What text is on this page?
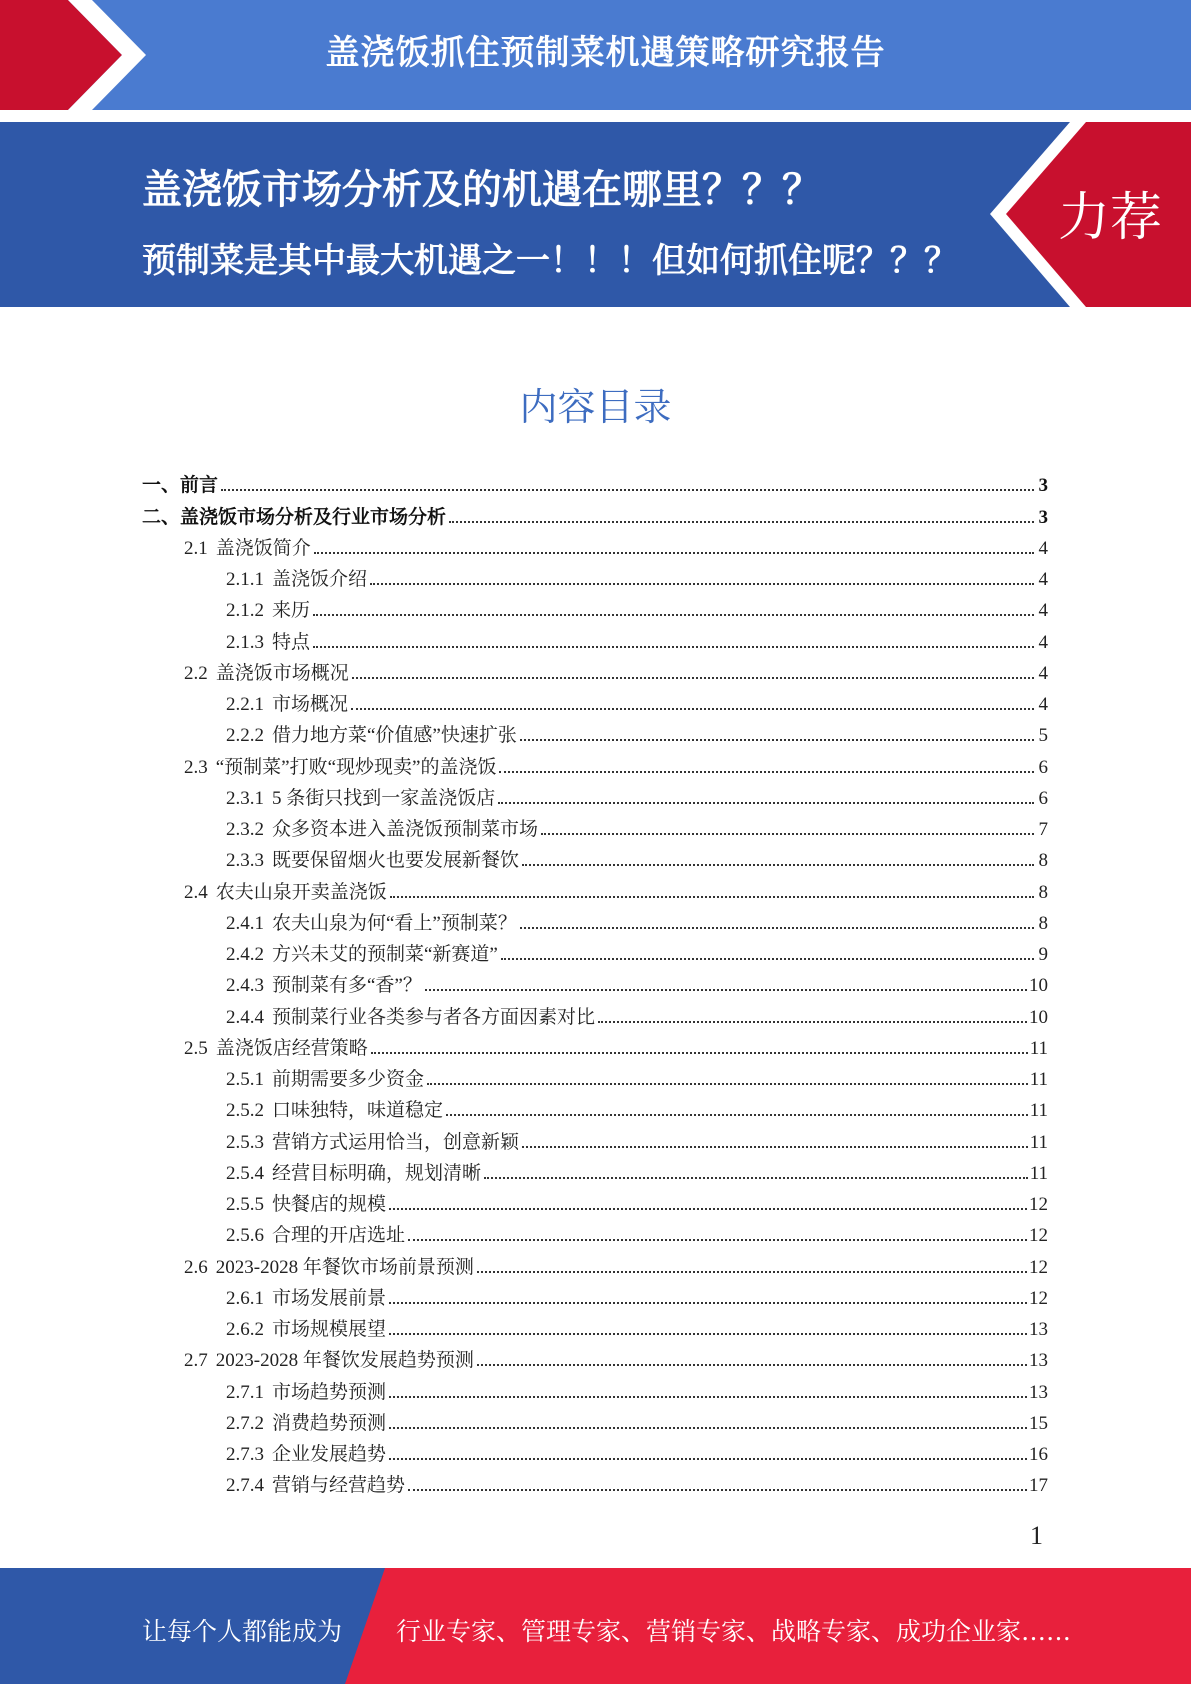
盖浇饭抓住预制菜机遇策略研究报告
盖浇饭市场分析及的机遇在哪里？？？
预制菜是其中最大机遇之一！！！但如何抓住呢？？？
力荐
内容目录
一、 前言	3
二、 盖浇饭市场分析及行业市场分析	3
2.1 盖浇饭简介	4
2.1.1 盖浇饭介绍	4
2.1.2 来历	4
2.1.3 特点	4
2.2 盖浇饭市场概况	4
2.2.1 市场概况	4
2.2.2 借力地方菜“价值感”快速扩张	5
2.3 “预制菜”打败“现炒现卖”的盖浇饭	6
2.3.1 5 条街只找到一家盖浇饭店	6
2.3.2 众多资本进入盖浇饭预制菜市场	7
2.3.3 既要保留烟火也要发展新餐饮	8
2.4 农夫山泉开卖盖浇饭	8
2.4.1 农夫山泉为何“看上”预制菜？	8
2.4.2 方兴未艾的预制菜“新赛道”	9
2.4.3 预制菜有多“香”？	10
2.4.4 预制菜行业各类参与者各方面因素对比	10
2.5 盖浇饭店经营策略	11
2.5.1 前期需要多少资金	11
2.5.2 口味独特，味道稳定	11
2.5.3 营销方式运用恰当，创意新颖	11
2.5.4 经营目标明确，规划清晰	11
2.5.5 快餐店的规模	12
2.5.6 合理的开店选址	12
2.6 2023-2028 年餐饮市场前景预测	12
2.6.1 市场发展前景	12
2.6.2 市场规模展望	13
2.7 2023-2028 年餐饮发展趋势预测	13
2.7.1 市场趋势预测	13
2.7.2 消费趋势预测	15
2.7.3 企业发展趋势	16
2.7.4 营销与经营趋势	17
1
让每个人都能成为 行业专家、管理专家、营销专家、战略专家、成功企业家……
